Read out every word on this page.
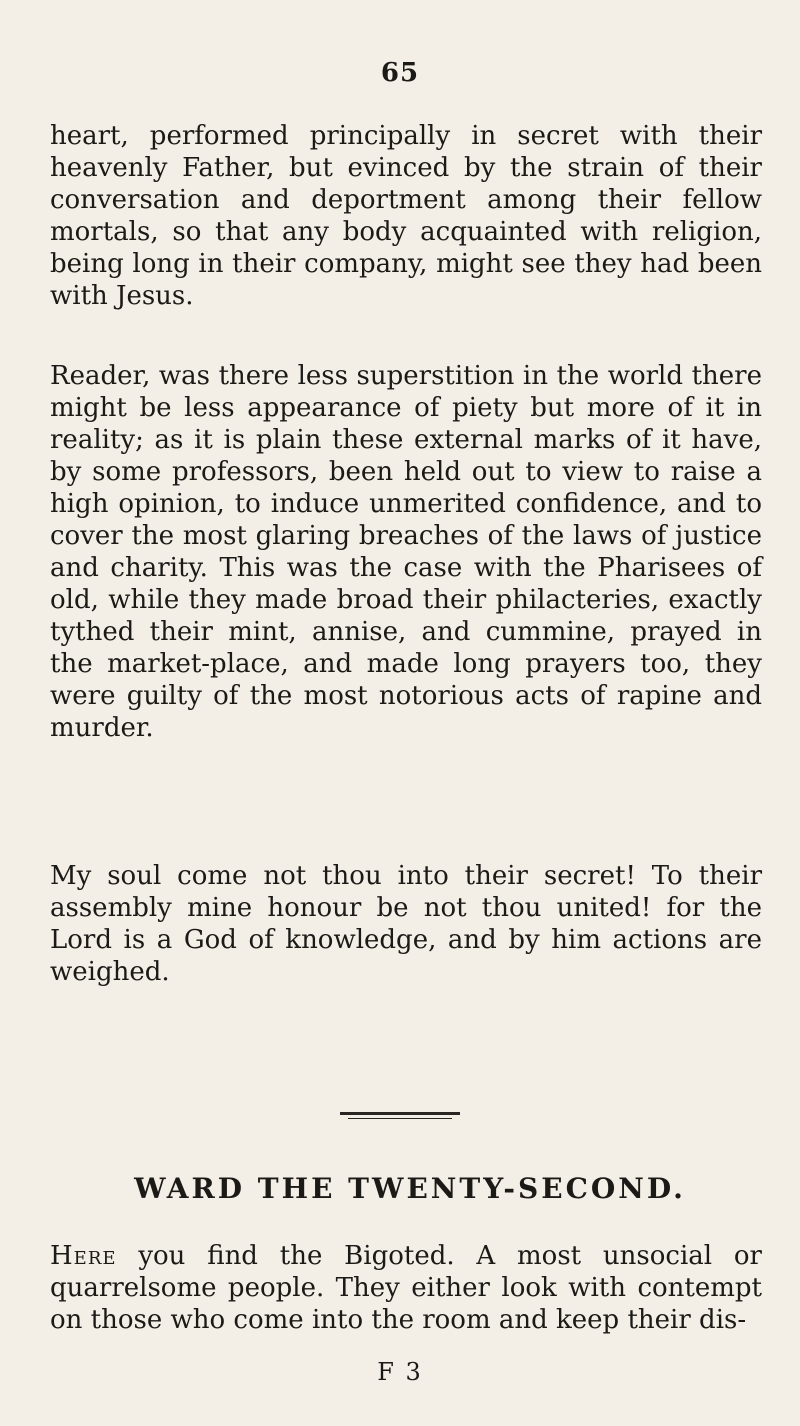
65

heart, performed principally in secret with their heavenly Father, but evinced by the strain of their conversation and deportment among their fellow mortals, so that any body acquainted with religion, being long in their company, might see they had been with Jesus.

Reader, was there less superstition in the world there might be less appearance of piety but more of it in reality; as it is plain these external marks of it have, by some professors, been held out to view to raise a high opinion, to induce unmerited confidence, and to cover the most glaring breaches of the laws of justice and charity. This was the case with the Pharisees of old, while they made broad their philacteries, exactly tythed their mint, annise, and cummine, prayed in the market-place, and made long prayers too, they were guilty of the most notorious acts of rapine and murder.

My soul come not thou into their secret! To their assembly mine honour be not thou united! for the Lord is a God of knowledge, and by him actions are weighed.

WARD THE TWENTY-SECOND.

Here you find the Bigoted. A most unsocial or quarrelsome people. They either look with contempt on those who come into the room and keep their dis-

F 3
